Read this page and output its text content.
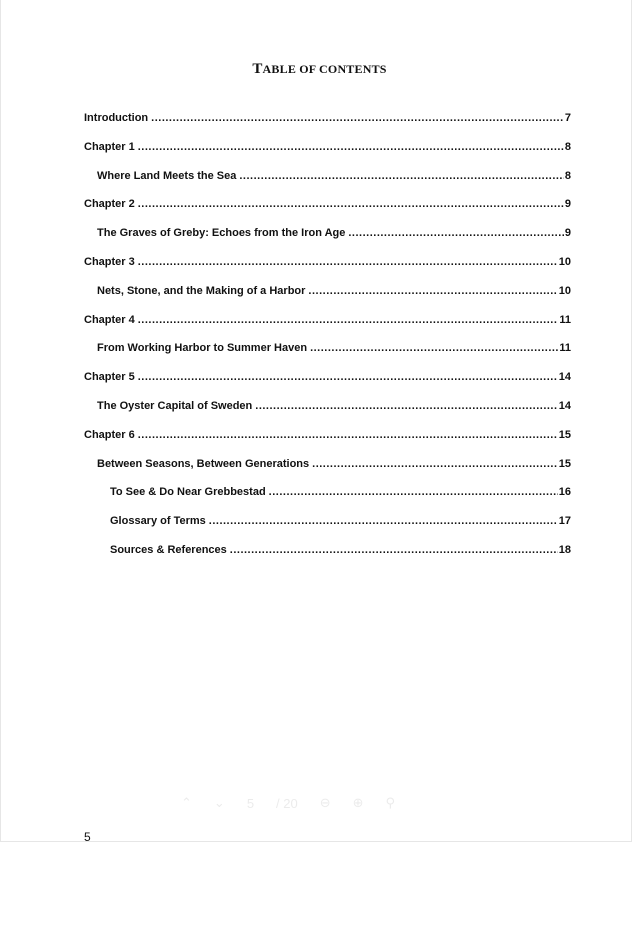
TABLE OF CONTENTS
Introduction .....	7
Chapter 1 .....	8
Where Land Meets the Sea .....	8
Chapter 2 .....	9
The Graves of Greby: Echoes from the Iron Age .....	9
Chapter 3 .....	10
Nets, Stone, and the Making of a Harbor .....	10
Chapter 4 .....	11
From Working Harbor to Summer Haven .....	11
Chapter 5 .....	14
The Oyster Capital of Sweden .....	14
Chapter 6 .....	15
Between Seasons, Between Generations .....	15
To See & Do Near Grebbestad .....	16
Glossary of Terms .....	17
Sources & References .....	18
⌃ ⌄ 5 / 20 ⊖ ⊕ ⚲
5
